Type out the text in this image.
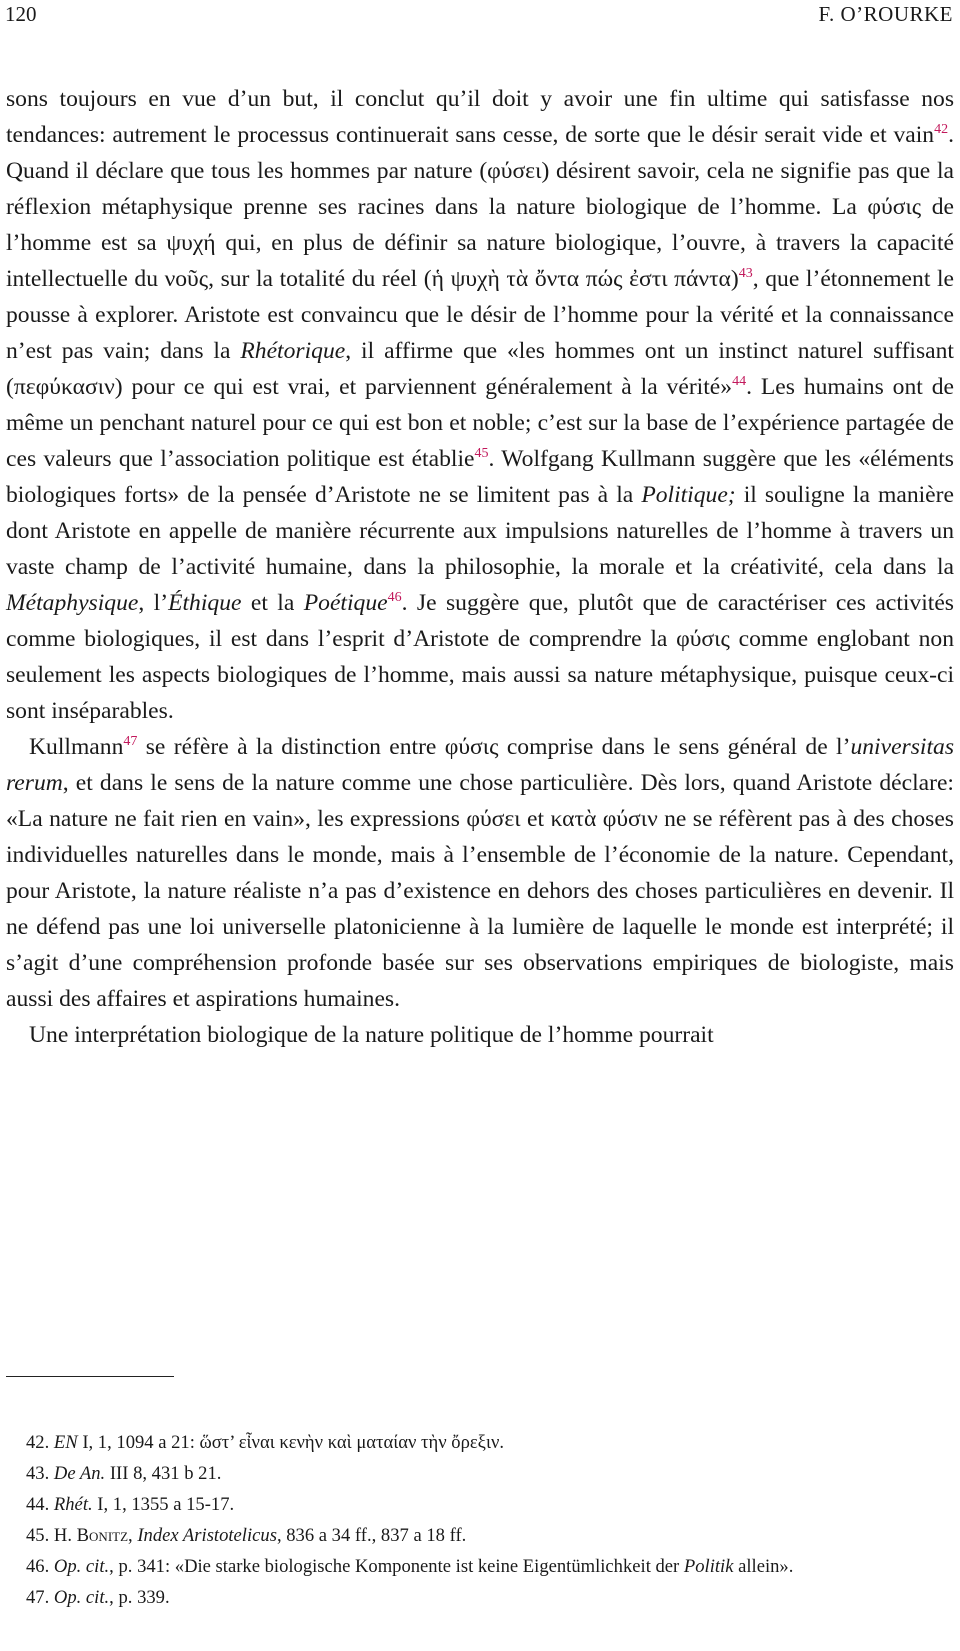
120	F. O’ROURKE

sons toujours en vue d’un but, il conclut qu’il doit y avoir une fin ultime qui satisfasse nos tendances: autrement le processus continuerait sans cesse, de sorte que le désir serait vide et vain$^{42}$. Quand il déclare que tous les hommes par nature (φύσει) désirent savoir, cela ne signifie pas que la réflexion métaphysique prenne ses racines dans la nature biologique de l’homme. La φύσις de l’homme est sa ψυχή qui, en plus de définir sa nature biologique, l’ouvre, à travers la capacité intellectuelle du νοῦς, sur la totalité du réel (ἡ ψυχὴ τὰ ὄντα πώς ἐστι πάντα)$^{43}$, que l’étonnement le pousse à explorer. Aristote est convaincu que le désir de l’homme pour la vérité et la connaissance n’est pas vain; dans la Rhétorique, il affirme que «les hommes ont un instinct naturel suffisant (πεφύκασιν) pour ce qui est vrai, et parviennent généralement à la vérité»$^{44}$. Les humains ont de même un penchant naturel pour ce qui est bon et noble; c’est sur la base de l’expérience partagée de ces valeurs que l’association politique est établie$^{45}$. Wolfgang Kullmann suggère que les «éléments biologiques forts» de la pensée d’Aristote ne se limitent pas à la Politique; il souligne la manière dont Aristote en appelle de manière récurrente aux impulsions naturelles de l’homme à travers un vaste champ de l’activité humaine, dans la philosophie, la morale et la créativité, cela dans la Métaphysique, l’Éthique et la Poétique$^{46}$. Je suggère que, plutôt que de caractériser ces activités comme biologiques, il est dans l’esprit d’Aristote de comprendre la φύσις comme englobant non seulement les aspects biologiques de l’homme, mais aussi sa nature métaphysique, puisque ceux-ci sont inséparables.

Kullmann$^{47}$ se réfère à la distinction entre φύσις comprise dans le sens général de l’universitas rerum, et dans le sens de la nature comme une chose particulière. Dès lors, quand Aristote déclare: «La nature ne fait rien en vain», les expressions φύσει et κατὰ φύσιν ne se réfèrent pas à des choses individuelles naturelles dans le monde, mais à l’ensemble de l’économie de la nature. Cependant, pour Aristote, la nature réaliste n’a pas d’existence en dehors des choses particulières en devenir. Il ne défend pas une loi universelle platonicienne à la lumière de laquelle le monde est interprété; il s’agit d’une compréhension profonde basée sur ses observations empiriques de biologiste, mais aussi des affaires et aspirations humaines.

Une interprétation biologique de la nature politique de l’homme pourrait

42. EN I, 1, 1094 a 21: ὥστ’ εἶναι κενὴν καὶ ματαίαν τὴν ὄρεξιν.

43. De An. III 8, 431 b 21.

44. Rhét. I, 1, 1355 a 15-17.

45. H. Bonitz, Index Aristotelicus, 836 a 34 ff., 837 a 18 ff.

46. Op. cit., p. 341: «Die starke biologische Komponente ist keine Eigentümlichkeit der Politik allein».

47. Op. cit., p. 339.
